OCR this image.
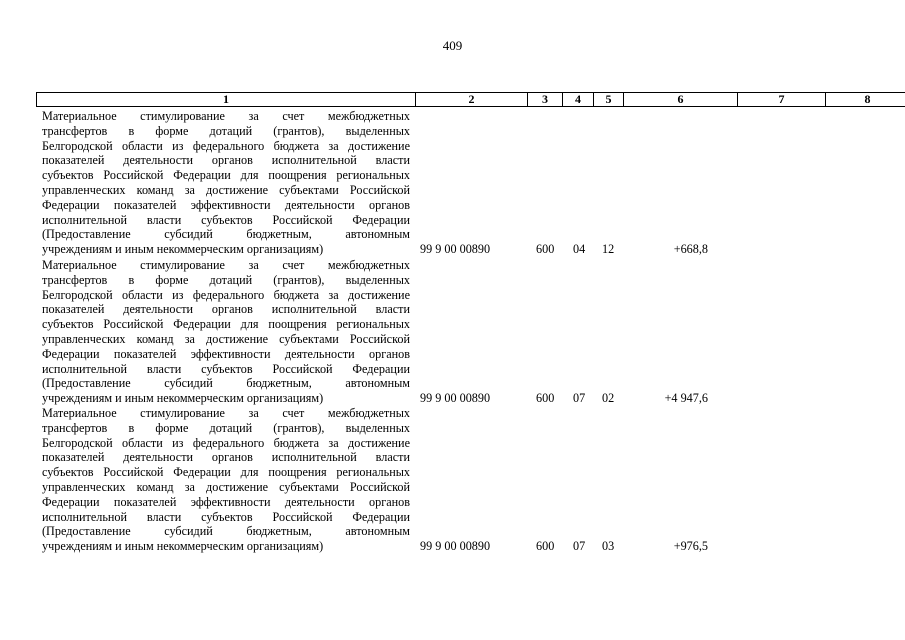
409
1	2	3	4	5	6	7	8
Материальное стимулирование за счет межбюджетных
трансфертов в форме дотаций (грантов), выделенных
Белгородской области из федерального бюджета за достижение
показателей деятельности органов исполнительной власти
субъектов Российской Федерации для поощрения региональных
управленческих команд за достижение субъектами Российской
Федерации показателей эффективности деятельности органов
исполнительной власти субъектов Российской Федерации
(Предоставление субсидий бюджетным, автономным
учреждениям и иным некоммерческим организациям)	99 9 00 00890	600 04 12	+668,8
Материальное стимулирование за счет межбюджетных
трансфертов в форме дотаций (грантов), выделенных
Белгородской области из федерального бюджета за достижение
показателей деятельности органов исполнительной власти
субъектов Российской Федерации для поощрения региональных
управленческих команд за достижение субъектами Российской
Федерации показателей эффективности деятельности органов
исполнительной власти субъектов Российской Федерации
(Предоставление субсидий бюджетным, автономным
учреждениям и иным некоммерческим организациям)	99 9 00 00890	600 07 02	+4 947,6
Материальное стимулирование за счет межбюджетных
трансфертов в форме дотаций (грантов), выделенных
Белгородской области из федерального бюджета за достижение
показателей деятельности органов исполнительной власти
субъектов Российской Федерации для поощрения региональных
управленческих команд за достижение субъектами Российской
Федерации показателей эффективности деятельности органов
исполнительной власти субъектов Российской Федерации
(Предоставление субсидий бюджетным, автономным
учреждениям и иным некоммерческим организациям)	99 9 00 00890	600 07 03	+976,5
